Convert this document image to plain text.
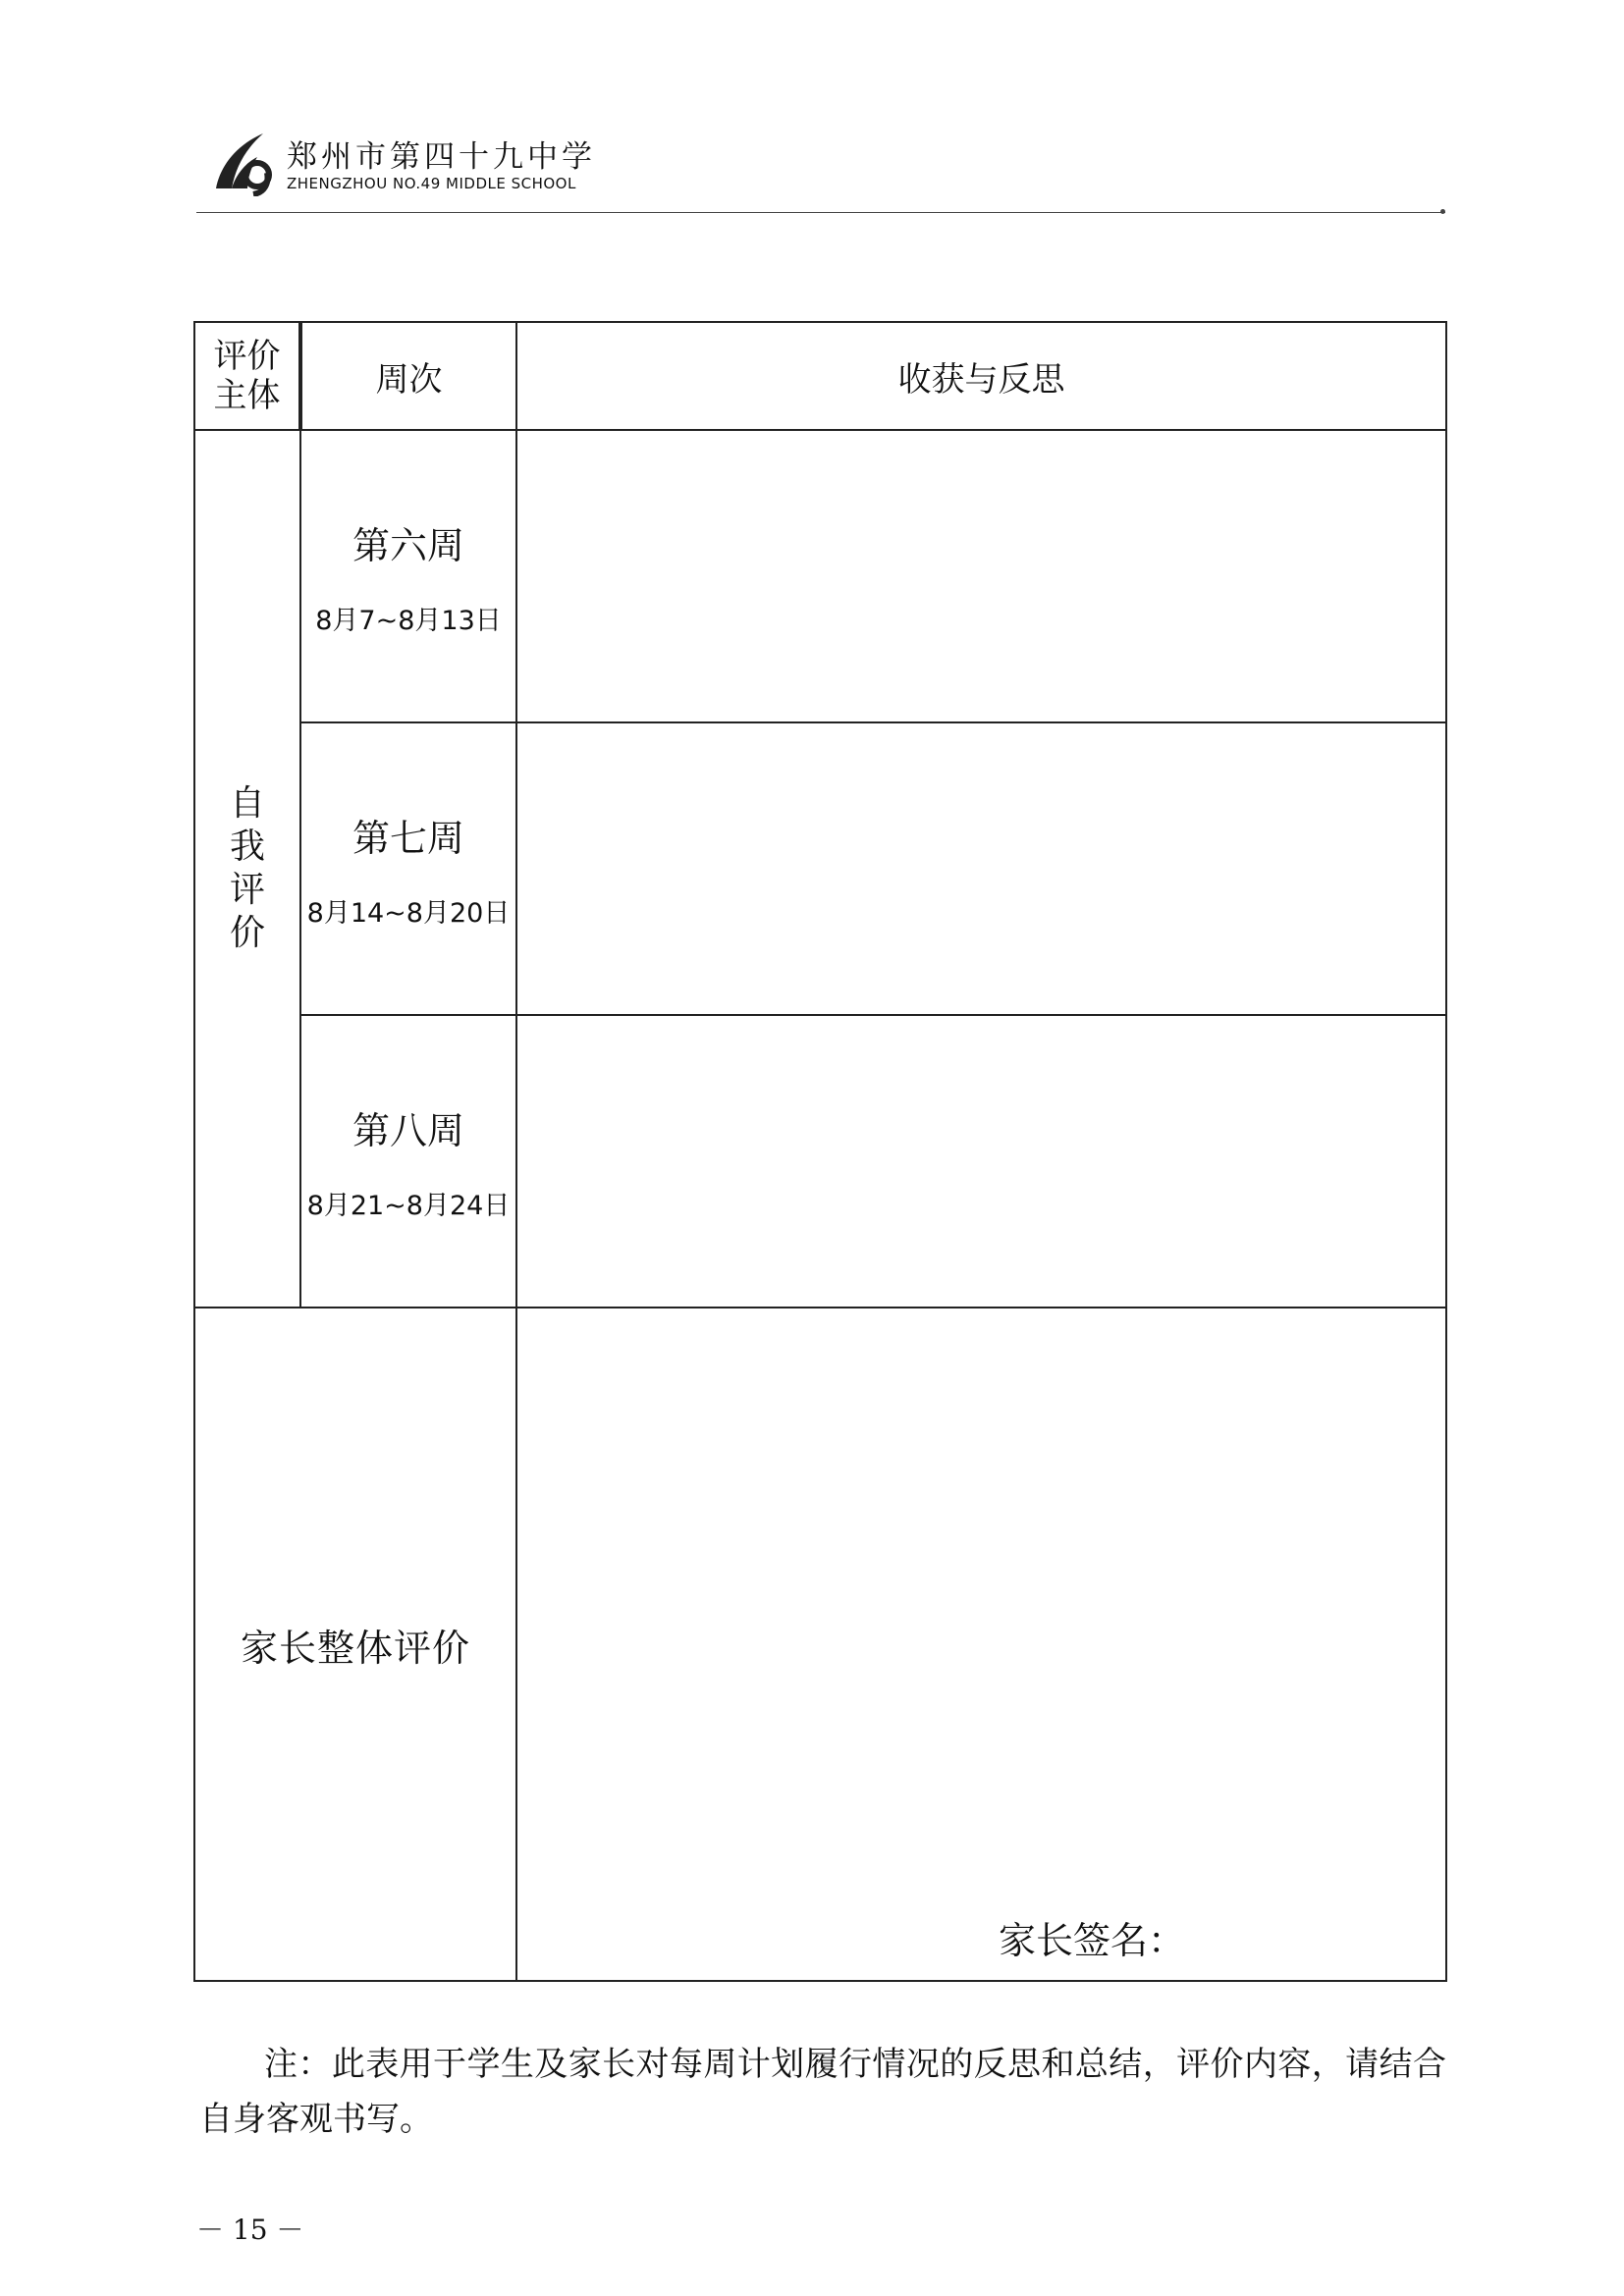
郑州市第四十九中学
ZHENGZHOU NO.49 MIDDLE SCHOOL
评价主体	周次	收获与反思

自我评价	第六周
8月7~8月13日	

	第七周
8月14~8月20日	

	第八周
8月21~8月24日	

家长整体评价		家长签名：

注：此表用于学生及家长对每周计划履行情况的反思和总结，评价内容，请结合自身客观书写。

－ 15 －
